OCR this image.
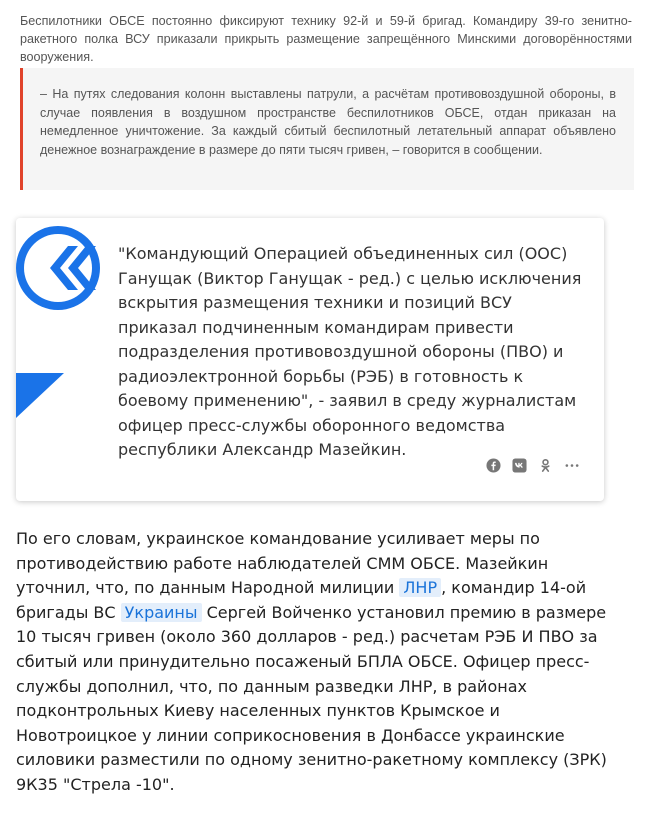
Беспилотники ОБСЕ постоянно фиксируют технику 92-й и 59-й бригад. Командиру 39-го зенитно-ракетного полка ВСУ приказали прикрыть размещение запрещённого Минскими договорённостями вооружения.
– На путях следования колонн выставлены патрули, а расчётам противовоздушной обороны, в случае появления в воздушном пространстве беспилотников ОБСЕ, отдан приказан на немедленное уничтожение. За каждый сбитый беспилотный летательный аппарат объявлено денежное вознаграждение в размере до пяти тысяч гривен, – говорится в сообщении.
"Командующий Операцией объединенных сил (ООС) Ганущак (Виктор Ганущак - ред.) с целью исключения вскрытия размещения техники и позиций ВСУ приказал подчиненным командирам привести подразделения противовоздушной обороны (ПВО) и радиоэлектронной борьбы (РЭБ) в готовность к боевому применению", - заявил в среду журналистам офицер пресс-службы оборонного ведомства республики Александр Мазейкин.
По его словам, украинское командование усиливает меры по противодействию работе наблюдателей СММ ОБСЕ. Мазейкин уточнил, что, по данным Народной милиции ЛНР , командир 14-ой бригады ВС Украины Сергей Войченко установил премию в размере 10 тысяч гривен (около 360 долларов - ред.) расчетам РЭБ И ПВО за сбитый или принудительно посаженый БПЛА ОБСЕ. Офицер пресс-службы дополнил, что, по данным разведки ЛНР, в районах подконтрольных Киеву населенных пунктов Крымское и Новотроицкое у линии соприкосновения в Донбассе украинские силовики разместили по одному зенитно-ракетному комплексу (ЗРК) 9К35 "Стрела -10".
